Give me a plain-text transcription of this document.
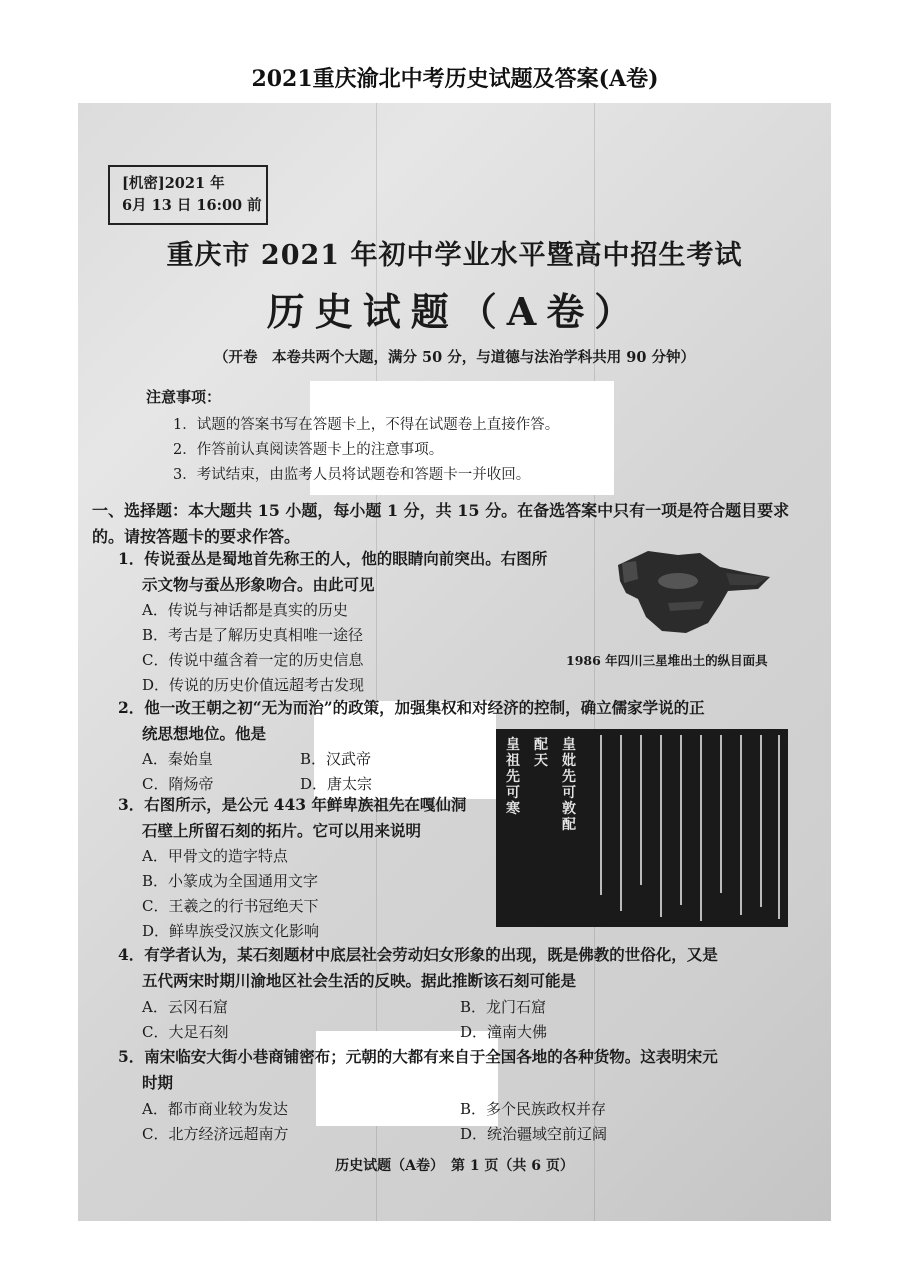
2021重庆渝北中考历史试题及答案(A卷)
[机密]2021 年
6月 13 日 16:00 前
重庆市 2021 年初中学业水平暨高中招生考试
历史试题（A卷）
（开卷　本卷共两个大题，满分 50 分，与道德与法治学科共用 90 分钟）
注意事项：
1．试题的答案书写在答题卡上，不得在试题卷上直接作答。
2．作答前认真阅读答题卡上的注意事项。
3．考试结束，由监考人员将试题卷和答题卡一并收回。
一、选择题：本大题共 15 小题，每小题 1 分，共 15 分。在备选答案中只有一项是符合题目要求的。请按答题卡的要求作答。
1．传说蚕丛是蜀地首先称王的人，他的眼睛向前突出。右图所
示文物与蚕丛形象吻合。由此可见
A．传说与神话都是真实的历史
B．考古是了解历史真相唯一途径
C．传说中蕴含着一定的历史信息
D．传说的历史价值远超考古发现
1986 年四川三星堆出土的纵目面具
2．他一改王朝之初“无为而治”的政策，加强集权和对经济的控制，确立儒家学说的正
统思想地位。他是
A．秦始皇	B．汉武帝
C．隋炀帝	D．唐太宗
皇祖先可寒
配天
皇妣先可敦配
3．右图所示，是公元 443 年鲜卑族祖先在嘎仙洞
石壁上所留石刻的拓片。它可以用来说明
A．甲骨文的造字特点
B．小篆成为全国通用文字
C．王羲之的行书冠绝天下
D．鲜卑族受汉族文化影响
4．有学者认为，某石刻题材中底层社会劳动妇女形象的出现，既是佛教的世俗化，又是
五代两宋时期川渝地区社会生活的反映。据此推断该石刻可能是
A．云冈石窟	B．龙门石窟
C．大足石刻	D．潼南大佛
5．南宋临安大街小巷商铺密布；元朝的大都有来自于全国各地的各种货物。这表明宋元
时期
A．都市商业较为发达	B．多个民族政权并存
C．北方经济远超南方	D．统治疆域空前辽阔
历史试题（A卷）　第 1 页（共 6 页）
